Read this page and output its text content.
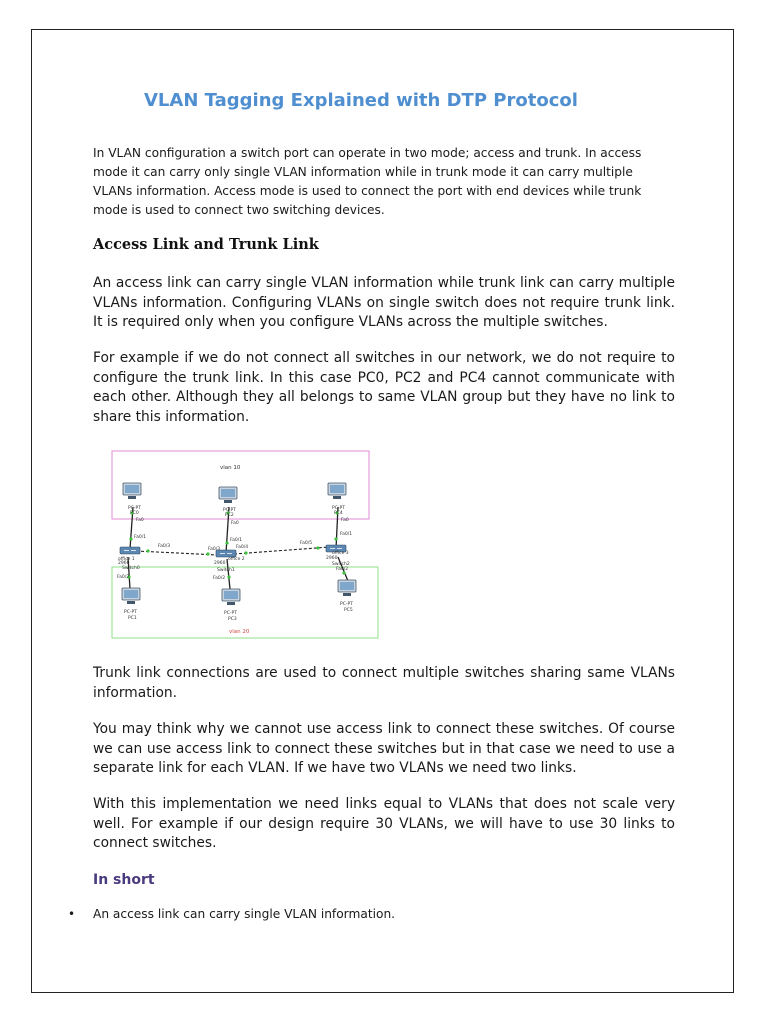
VLAN Tagging Explained with DTP Protocol

In VLAN configuration a switch port can operate in two mode; access and trunk. In access mode it can carry only single VLAN information while in trunk mode it can carry multiple VLANs information. Access mode is used to connect the port with end devices while trunk mode is used to connect two switching devices.

Access Link and Trunk Link

An access link can carry single VLAN information while trunk link can carry multiple VLANs information. Configuring VLANs on single switch does not require trunk link. It is required only when you configure VLANs across the multiple switches.

For example if we do not connect all switches in our network, we do not require to configure the trunk link. In this case PC0, PC2 and PC4 cannot communicate with each other. Although they all belongs to same VLAN group but they have no link to share this information.

vlan 10
vlan 20
PC-PT
PC0
PC-PT
PC2
PC-PT
PC4
Fa0
Fa0
Fa0
office 1
2960
Switch0
office 2
2960
Switch1
office 3
2960
Switch2
Fa0/1
Fa0/3
Fa0/3
Fa0/1
Fa0/4
Fa0/5
Fa0/1
Fa0/2	Fa0/2
Fa0/2
PC-PT
PC1
PC-PT
PC3
PC-PT
PC5

Trunk link connections are used to connect multiple switches sharing same VLANs information.

You may think why we cannot use access link to connect these switches. Of course we can use access link to connect these switches but in that case we need to use a separate link for each VLAN. If we have two VLANs we need two links.

With this implementation we need links equal to VLANs that does not scale very well. For example if our design require 30 VLANs, we will have to use 30 links to connect switches.

In short
•	An access link can carry single VLAN information.
